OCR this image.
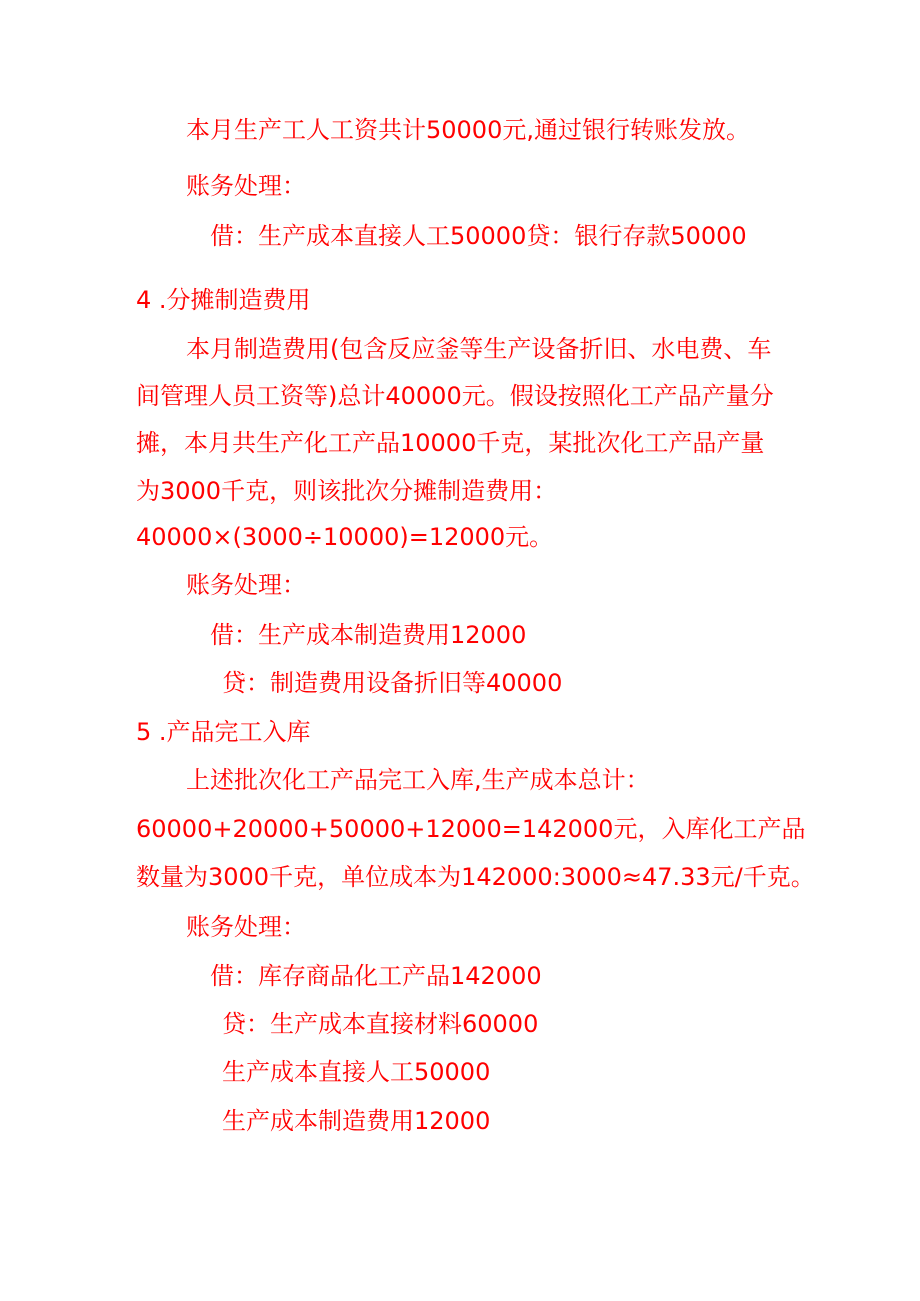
本月生产工人工资共计50000元,通过银行转账发放。
账务处理：
借：生产成本直接人工50000贷：银行存款50000
4 .分摊制造费用
本月制造费用(包含反应釜等生产设备折旧、水电费、车
间管理人员工资等)总计40000元。假设按照化工产品产量分
摊，本月共生产化工产品10000千克，某批次化工产品产量
为3000千克，则该批次分摊制造费用：
40000×(3000÷10000)=12000元。
账务处理：
借：生产成本制造费用12000
贷：制造费用设备折旧等40000
5 .产品完工入库
上述批次化工产品完工入库,生产成本总计：
60000+20000+50000+12000=142000元，入库化工产品
数量为3000千克，单位成本为142000:3000≈47.33元/千克。
账务处理：
借：库存商品化工产品142000
贷：生产成本直接材料60000
生产成本直接人工50000
生产成本制造费用12000
